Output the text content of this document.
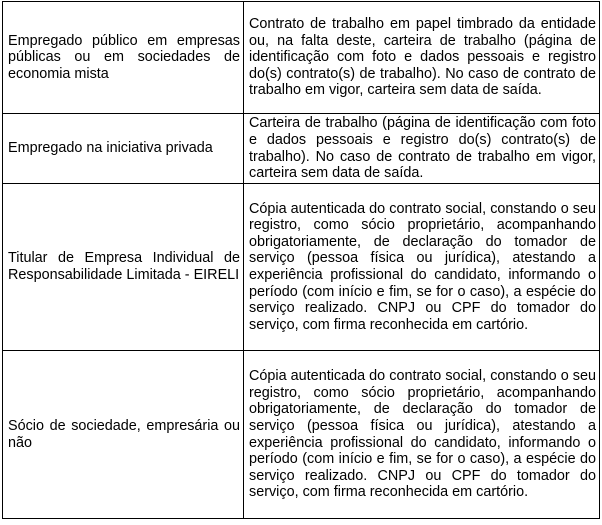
Empregado público em empresas públicas ou em sociedades de economia mista	Contrato de trabalho em papel timbrado da entidade ou, na falta deste, carteira de trabalho (página de identificação com foto e dados pessoais e registro do(s) contrato(s) de trabalho). No caso de contrato de trabalho em vigor, carteira sem data de saída.
Empregado na iniciativa privada	Carteira de trabalho (página de identificação com foto e dados pessoais e registro do(s) contrato(s) de trabalho). No caso de contrato de trabalho em vigor, carteira sem data de saída.
Titular de Empresa Individual de Responsabilidade Limitada - EIRELI	Cópia autenticada do contrato social, constando o seu registro, como sócio proprietário, acompanhando obrigatoriamente, de declaração do tomador de serviço (pessoa física ou jurídica), atestando a experiência profissional do candidato, informando o período (com início e fim, se for o caso), a espécie do serviço realizado. CNPJ ou CPF do tomador do serviço, com firma reconhecida em cartório.
Sócio de sociedade, empresária ou não	Cópia autenticada do contrato social, constando o seu registro, como sócio proprietário, acompanhando obrigatoriamente, de declaração do tomador de serviço (pessoa física ou jurídica), atestando a experiência profissional do candidato, informando o período (com início e fim, se for o caso), a espécie do serviço realizado. CNPJ ou CPF do tomador do serviço, com firma reconhecida em cartório.
